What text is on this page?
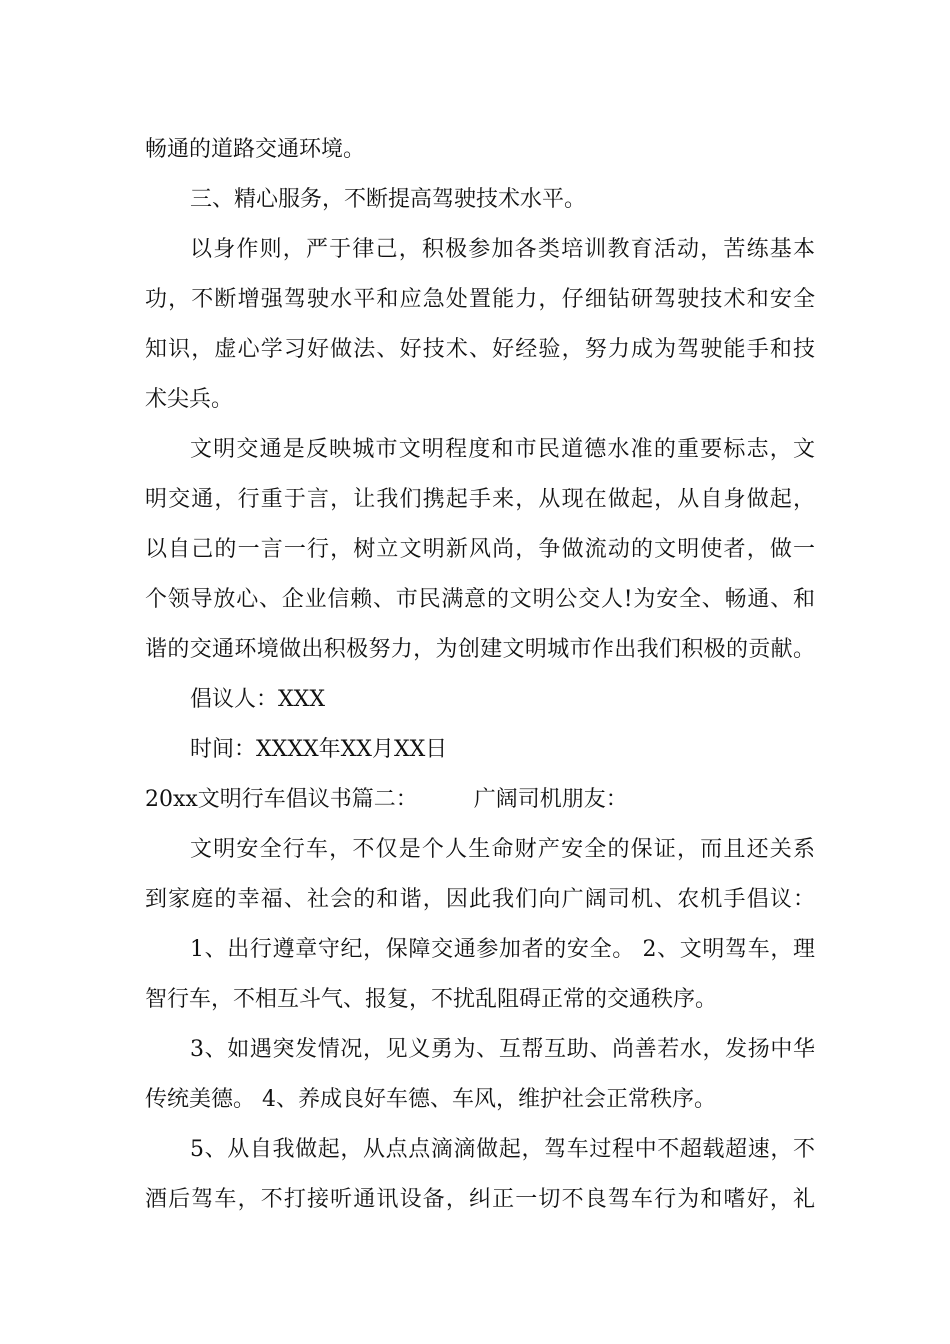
畅通的道路交通环境。
三、精心服务，不断提高驾驶技术水平。
以身作则，严于律己，积极参加各类培训教育活动，苦练基本
功，不断增强驾驶水平和应急处置能力，仔细钻研驾驶技术和安全
知识，虚心学习好做法、好技术、好经验，努力成为驾驶能手和技
术尖兵。
文明交通是反映城市文明程度和市民道德水准的重要标志，文
明交通，行重于言，让我们携起手来，从现在做起，从自身做起，
以自己的一言一行，树立文明新风尚，争做流动的文明使者，做一
个领导放心、企业信赖、市民满意的文明公交人!为安全、畅通、和
谐的交通环境做出积极努力，为创建文明城市作出我们积极的贡献。
倡议人：XXX
时间：XXXX年XX月XX日
20xx文明行车倡议书篇二：        广阔司机朋友：
文明安全行车，不仅是个人生命财产安全的保证，而且还关系
到家庭的幸福、社会的和谐，因此我们向广阔司机、农机手倡议：
1、出行遵章守纪，保障交通参加者的安全。 2、文明驾车，理
智行车，不相互斗气、报复，不扰乱阻碍正常的交通秩序。
3、如遇突发情况，见义勇为、互帮互助、尚善若水，发扬中华
传统美德。 4、养成良好车德、车风，维护社会正常秩序。
5、从自我做起，从点点滴滴做起，驾车过程中不超载超速，不
酒后驾车，不打接听通讯设备，纠正一切不良驾车行为和嗜好，礼
